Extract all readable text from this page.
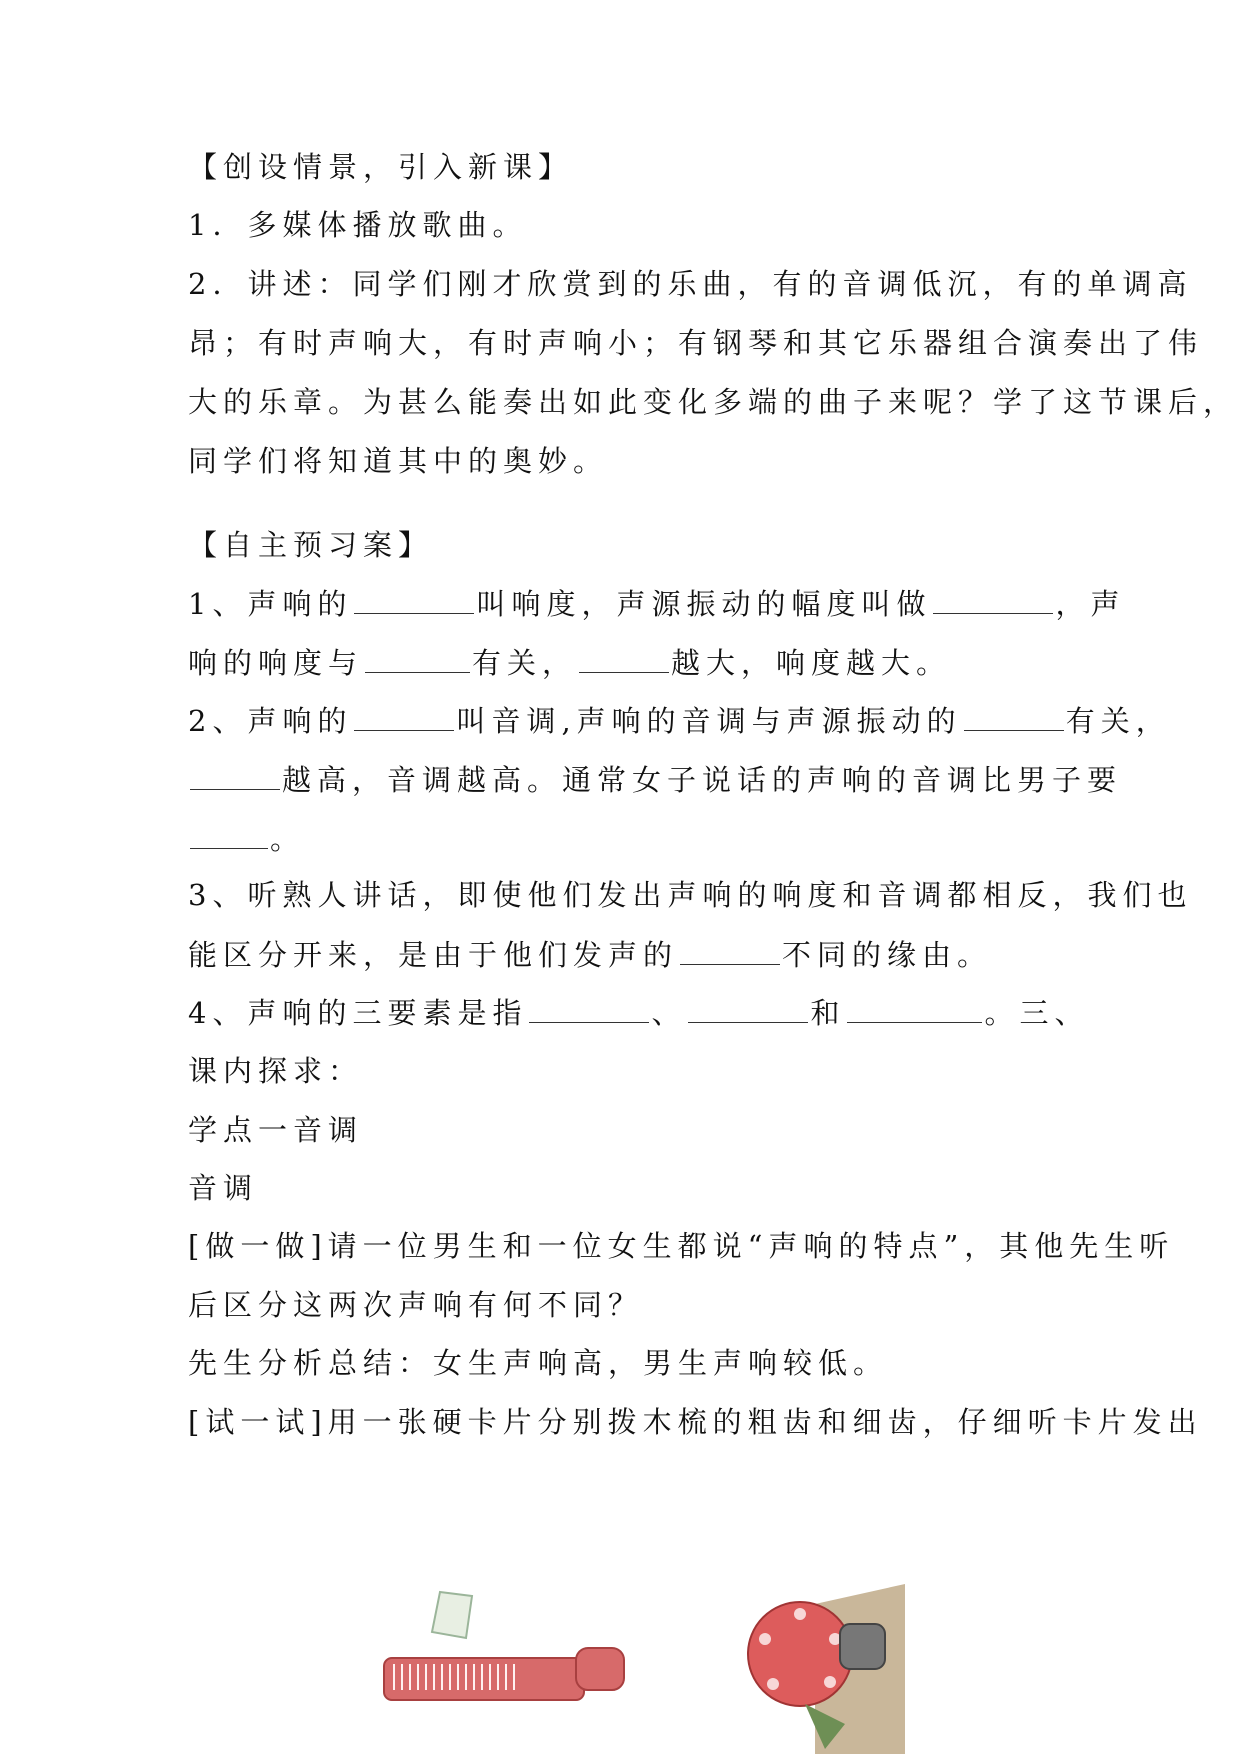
【创设情景，引入新课】
1．多媒体播放歌曲。
2．讲述：同学们刚才欣赏到的乐曲，有的音调低沉，有的单调高
昂；有时声响大，有时声响小；有钢琴和其它乐器组合演奏出了伟
大的乐章。为甚么能奏出如此变化多端的曲子来呢？学了这节课后，
同学们将知道其中的奥妙。
【自主预习案】
1、声响的	叫响度，声源振动的幅度叫做	，声
响的响度与	有关，	越大，响度越大。
2、声响的	叫音调,声响的音调与声源振动的	有关，
越高，音调越高。通常女子说话的声响的音调比男子要
。
3、听熟人讲话，即使他们发出声响的响度和音调都相反，我们也
能区分开来，是由于他们发声的	不同的缘由。
4、声响的三要素是指	、	和	。三、
课内探求：
学点一音调
音调
[做一做]请一位男生和一位女生都说“声响的特点”，其他先生听
后区分这两次声响有何不同？
先生分析总结：女生声响高，男生声响较低。
[试一试]用一张硬卡片分别拨木梳的粗齿和细齿，仔细听卡片发出
